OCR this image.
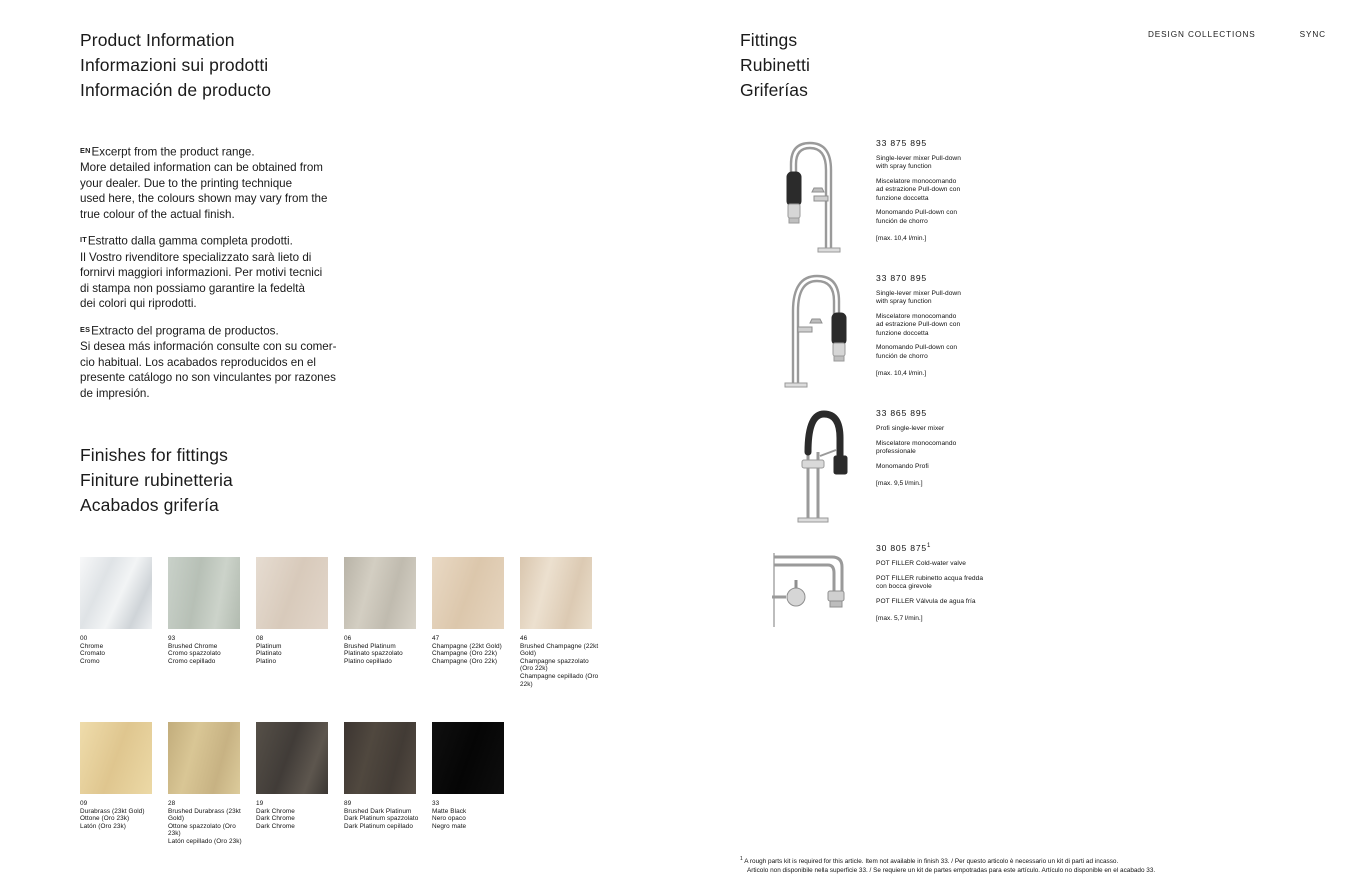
DESIGN COLLECTIONS	SYNC
Product Information
Informazioni sui prodotti
Información de producto

$^{EN}$Excerpt from the product range.
More detailed information can be obtained from
your dealer. Due to the printing technique
used here, the colours shown may vary from the
true colour of the actual finish.

$^{IT}$Estratto dalla gamma completa prodotti.
Il Vostro rivenditore specializzato sarà lieto di
fornirvi maggiori informazioni. Per motivi tecnici
di stampa non possiamo garantire la fedeltà
dei colori qui riprodotti.

$^{ES}$Extracto del programa de productos.
Si desea más información consulte con su comer-
cio habitual. Los acabados reproducidos en el
presente catálogo no son vinculantes por razones
de impresión.

Finishes for fittings
Finiture rubinetteria
Acabados grifería
00
Chrome
Cromato
Cromo
93
Brushed Chrome
Cromo spazzolato
Cromo cepillado
08
Platinum
Platinato
Platino
06
Brushed Platinum
Platinato spazzolato
Platino cepillado
47
Champagne (22kt Gold)
Champagne (Oro 22k)
Champagne (Oro 22k)
46
Brushed Champagne (22kt Gold)
Champagne spazzolato (Oro 22k)
Champagne cepillado (Oro 22k)
09
Durabrass (23kt Gold)
Ottone (Oro 23k)
Latón (Oro 23k)
28
Brushed Durabrass (23kt Gold)
Ottone spazzolato (Oro 23k)
Latón cepillado (Oro 23k)
19
Dark Chrome
Dark Chrome
Dark Chrome
89
Brushed Dark Platinum
Dark Platinum spazzolato
Dark Platinum cepillado
33
Matte Black
Nero opaco
Negro mate
Fittings
Rubinetti
Griferías
33 875 895
Single-lever mixer Pull-down
with spray function
Miscelatore monocomando
ad estrazione Pull-down con
funzione doccetta
Monomando Pull-down con
función de chorro
[max. 10,4 l/min.]
33 870 895
Single-lever mixer Pull-down
with spray function
Miscelatore monocomando
ad estrazione Pull-down con
funzione doccetta
Monomando Pull-down con
función de chorro
[max. 10,4 l/min.]
33 865 895
Profi single-lever mixer
Miscelatore monocomando
professionale
Monomando Profi
[max. 9,5 l/min.]
30 805 $875^1$
POT FILLER Cold-water valve
POT FILLER rubinetto acqua fredda
con bocca girevole
POT FILLER Válvula de agua fría
[max. 5,7 l/min.]
$^1$ A rough parts kit is required for this article. Item not available in finish 33. / Per questo articolo è necessario un kit di parti ad incasso.
Articolo non disponibile nella superficie 33. / Se requiere un kit de partes empotradas para este artículo. Artículo no disponible en el acabado 33.
